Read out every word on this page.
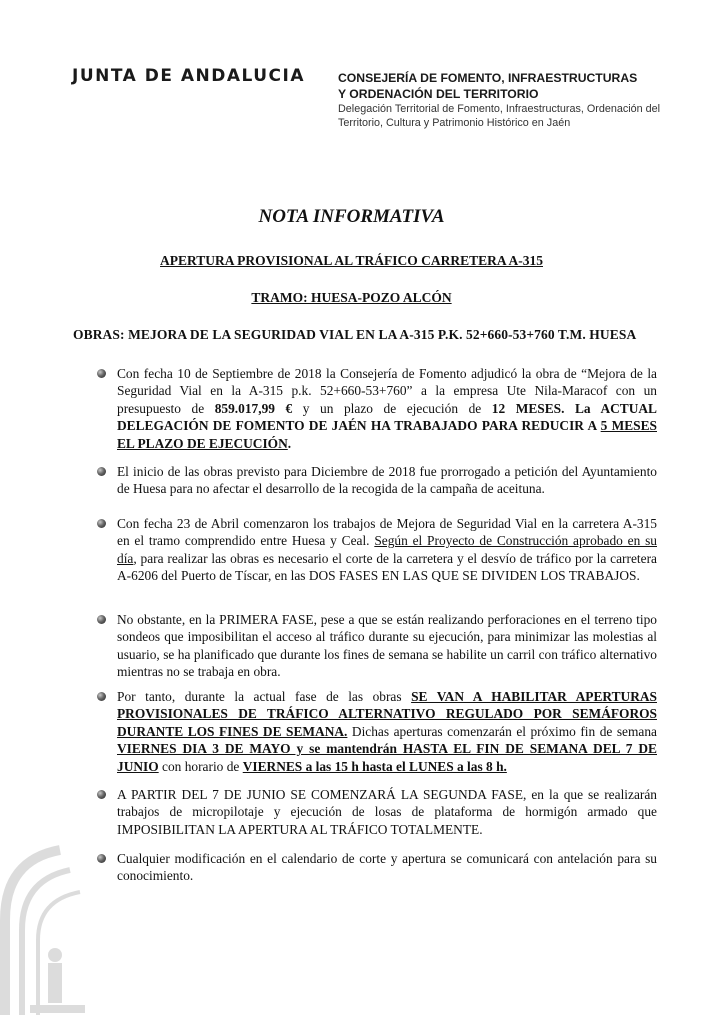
JUNTA DE ANDALUCIA	CONSEJERÍA DE FOMENTO, INFRAESTRUCTURAS
Y ORDENACIÓN DEL TERRITORIO
Delegación Territorial de Fomento, Infraestructuras, Ordenación del
Territorio, Cultura y Patrimonio Histórico en Jaén
NOTA INFORMATIVA
APERTURA PROVISIONAL AL TRÁFICO CARRETERA A-315
TRAMO: HUESA-POZO ALCÓN
OBRAS: MEJORA DE LA SEGURIDAD VIAL EN LA A-315 P.K. 52+660-53+760 T.M. HUESA

Con fecha 10 de Septiembre de 2018 la Consejería de Fomento adjudicó la obra de “Mejora de la Seguridad Vial en la A-315 p.k. 52+660-53+760” a la empresa Ute Nila-Maracof con un presupuesto de 859.017,99 € y un plazo de ejecución de 12 MESES. La ACTUAL DELEGACIÓN DE FOMENTO DE JAÉN HA TRABAJADO PARA REDUCIR A 5 MESES EL PLAZO DE EJECUCIÓN.

El inicio de las obras previsto para Diciembre de 2018 fue prorrogado a petición del Ayuntamiento de Huesa para no afectar el desarrollo de la recogida de la campaña de aceituna.

Con fecha 23 de Abril comenzaron los trabajos de Mejora de Seguridad Vial en la carretera A-315 en el tramo comprendido entre Huesa y Ceal. Según el Proyecto de Construcción aprobado en su día, para realizar las obras es necesario el corte de la carretera y el desvío de tráfico por la carretera A-6206 del Puerto de Tíscar, en las DOS FASES EN LAS QUE SE DIVIDEN LOS TRABAJOS.

No obstante, en la PRIMERA FASE, pese a que se están realizando perforaciones en el terreno tipo sondeos que imposibilitan el acceso al tráfico durante su ejecución, para minimizar las molestias al usuario, se ha planificado que durante los fines de semana se habilite un carril con tráfico alternativo mientras no se trabaja en obra.

Por tanto, durante la actual fase de las obras SE VAN A HABILITAR APERTURAS PROVISIONALES DE TRÁFICO ALTERNATIVO REGULADO POR SEMÁFOROS DURANTE LOS FINES DE SEMANA. Dichas aperturas comenzarán el próximo fin de semana VIERNES DIA 3 DE MAYO y se mantendrán HASTA EL FIN DE SEMANA DEL 7 DE JUNIO con horario de VIERNES a las 15 h hasta el LUNES a las 8 h.

A PARTIR DEL 7 DE JUNIO SE COMENZARÁ LA SEGUNDA FASE, en la que se realizarán trabajos de micropilotaje y ejecución de losas de plataforma de hormigón armado que IMPOSIBILITAN LA APERTURA AL TRÁFICO TOTALMENTE.

Cualquier modificación en el calendario de corte y apertura se comunicará con antelación para su conocimiento.
